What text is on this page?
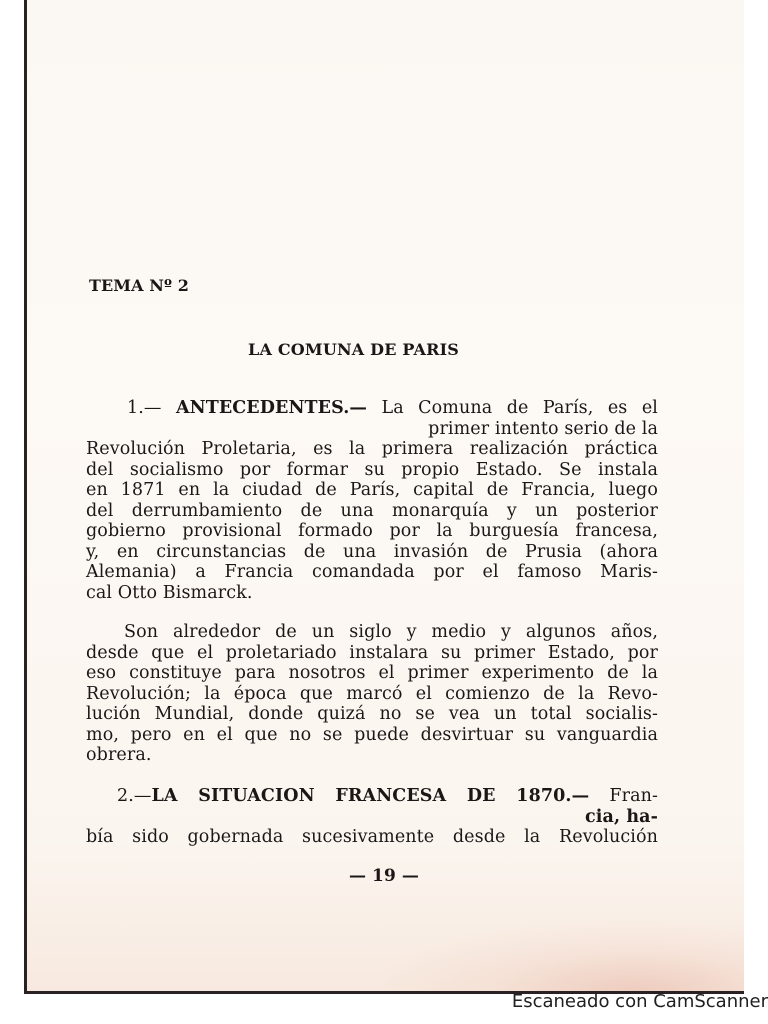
TEMA Nº 2
LA COMUNA DE PARIS
1.— ANTECEDENTES.— La Comuna de París, es el
primer intento serio de la
Revolución Proletaria, es la primera realización práctica
del socialismo por formar su propio Estado. Se instala
en 1871 en la ciudad de París, capital de Francia, luego
del derrumbamiento de una monarquía y un posterior
gobierno provisional formado por la burguesía francesa,
y, en circunstancias de una invasión de Prusia (ahora
Alemania) a Francia comandada por el famoso Maris-
cal Otto Bismarck.
Son alrededor de un siglo y medio y algunos años,
desde que el proletariado instalara su primer Estado, por
eso constituye para nosotros el primer experimento de la
Revolución; la época que marcó el comienzo de la Revo-
lución Mundial, donde quizá no se vea un total socialis-
mo, pero en el que no se puede desvirtuar su vanguardia
obrera.
2.—LA SITUACION FRANCESA DE 1870.— Fran-
cia, ha-
bía sido gobernada sucesivamente desde la Revolución
— 19 —
Escaneado con CamScanner
